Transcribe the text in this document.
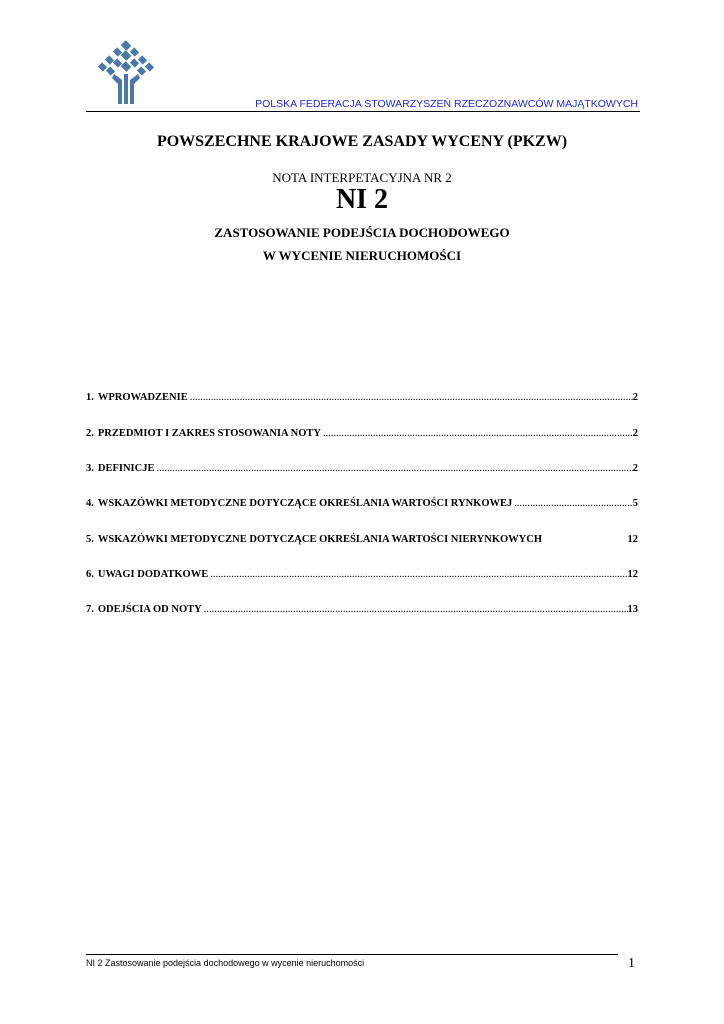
POLSKA FEDERACJA STOWARZYSZEŃ RZECZOZNAWCÓW MAJĄTKOWYCH
POWSZECHNE KRAJOWE ZASADY WYCENY (PKZW)
NOTA INTERPETACYJNA NR 2
NI 2
ZASTOSOWANIE PODEJŚCIA DOCHODOWEGO
W WYCENIE NIERUCHOMOŚCI
1. WPROWADZENIE .....	2
2. PRZEDMIOT I ZAKRES STOSOWANIA NOTY .....	2
3. DEFINICJE .....	2
4. WSKAZÓWKI METODYCZNE DOTYCZĄCE OKREŚLANIA WARTOŚCI RYNKOWEJ .....	5
5. WSKAZÓWKI METODYCZNE DOTYCZĄCE OKREŚLANIA WARTOŚCI NIERYNKOWYCH	12
6. UWAGI DODATKOWE .....	12
7. ODEJŚCIA OD NOTY .....	13
NI 2 Zastosowanie podejścia dochodowego w wycenie nieruchomości	1
